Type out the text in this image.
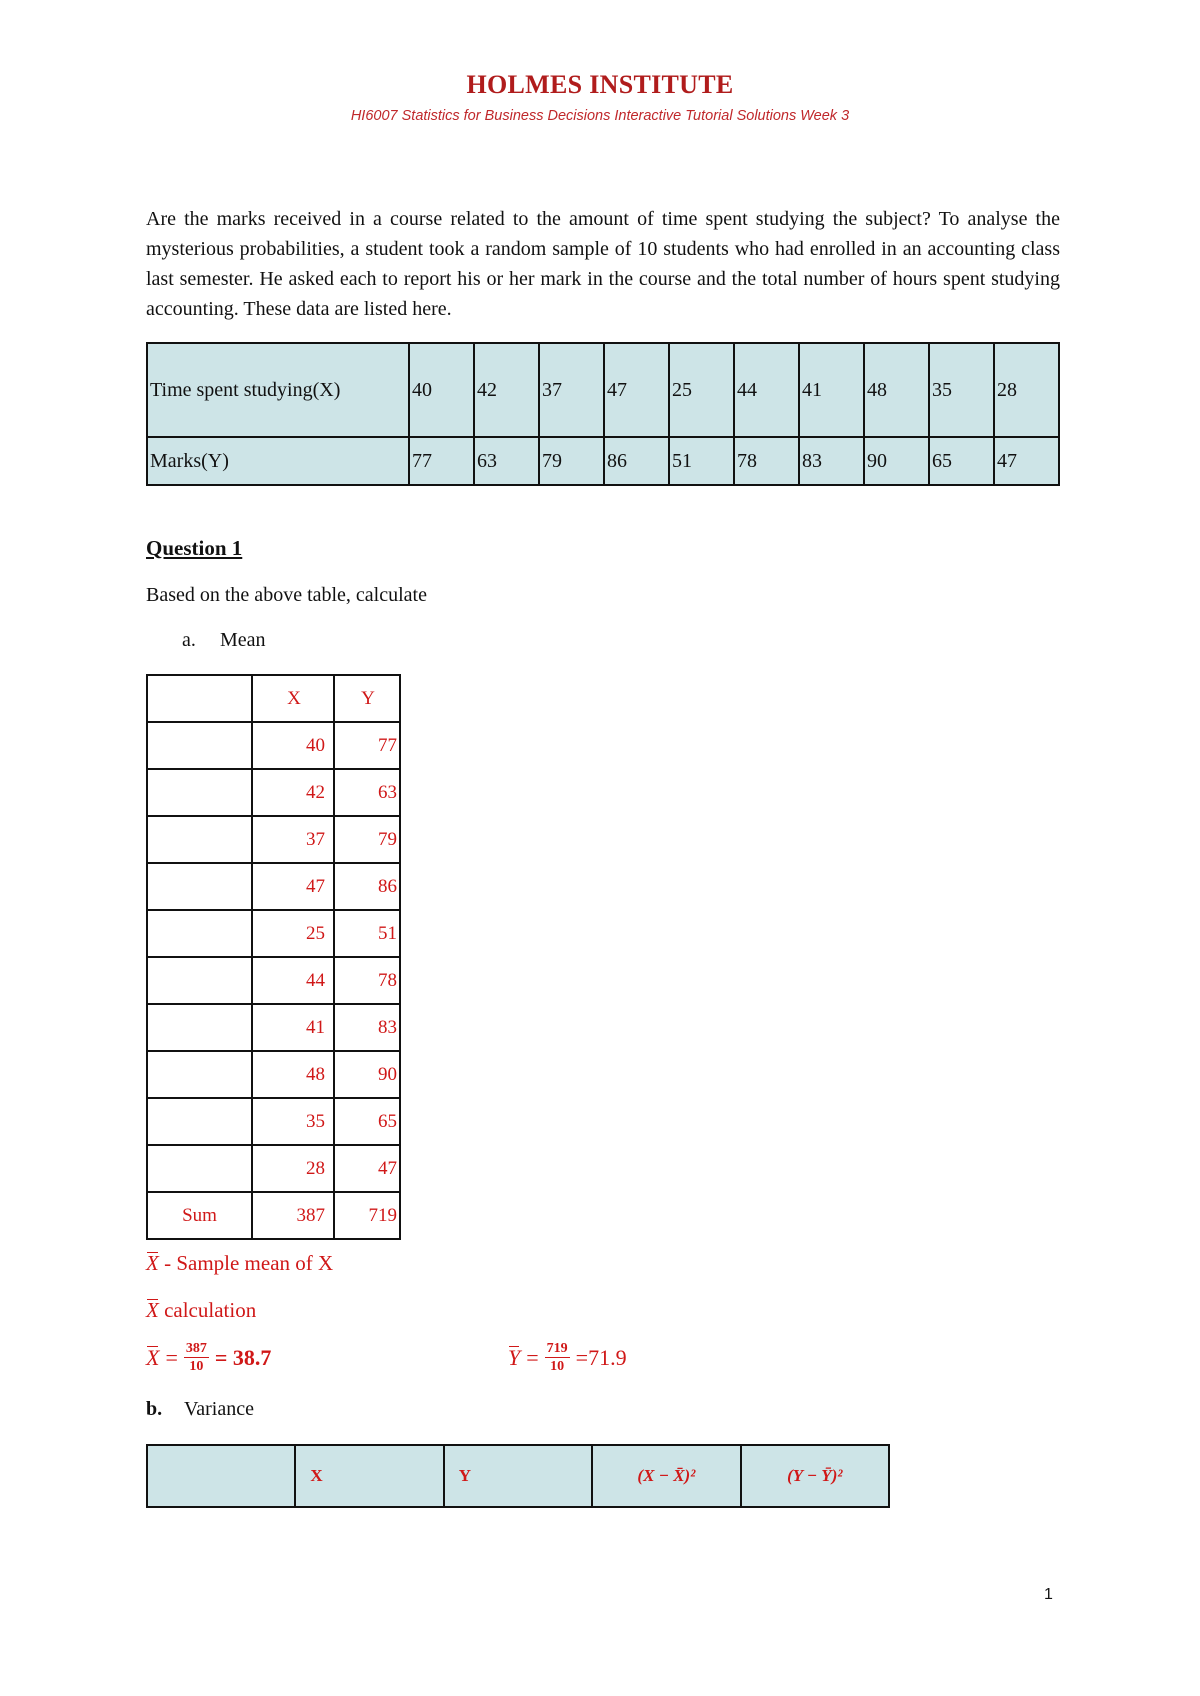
HOLMES INSTITUTE
HI6007 Statistics for Business Decisions Interactive Tutorial Solutions Week 3
Are the marks received in a course related to the amount of time spent studying the subject? To analyse the mysterious probabilities, a student took a random sample of 10 students who had enrolled in an accounting class last semester. He asked each to report his or her mark in the course and the total number of hours spent studying accounting. These data are listed here.
Time spent studying(X)	40	42	37	47	25	44	41	48	35	28
Marks(Y)	77	63	79	86	51	78	83	90	65	47
Question 1
Based on the above table, calculate
a. Mean
	X	Y
	40	77
	42	63
	37	79
	47	86
	25	51
	44	78
	41	83
	48	90
	35	65
	28	47
Sum	387	719
X - Sample mean of X
X calculation
$X = \frac{387}{10} = 38.7$	$Y = \frac{719}{10} = 71.9$
b. Variance
	X	Y	(X − X̄)²	(Y − Ȳ)²
1
